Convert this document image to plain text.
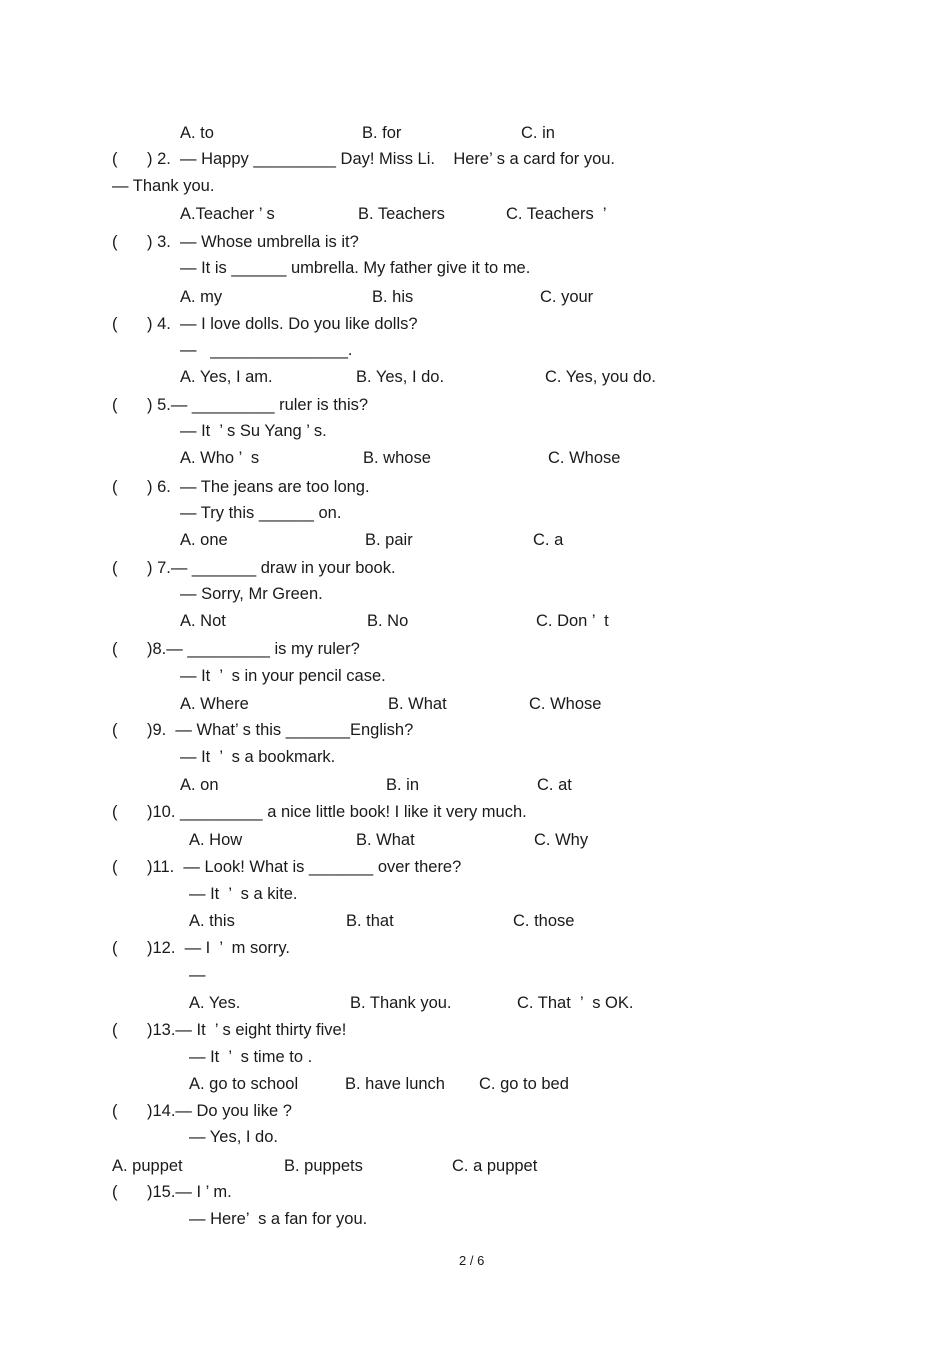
A. to	B. for	C. in
( ) 2.  — Happy _________ Day! Miss Li.    Here’ s a card for you.
— Thank you.
A.Teacher ’ s	B. Teachers	C. Teachers  ’
( ) 3.  — Whose umbrella is it?
— It is ______ umbrella. My father give it to me.
A. my	B. his	C. your
( ) 4.  — I love dolls. Do you like dolls?
—   _______________.
A. Yes, I am.	B. Yes, I do.	C. Yes, you do.
( ) 5.— _________ ruler is this?
— It  ’ s Su Yang ’ s.
A. Who ’  s	B. whose	C. Whose
( ) 6.  — The jeans are too long.
— Try this ______ on.
A. one	B. pair	C. a
( ) 7.— _______ draw in your book.
— Sorry, Mr Green.
A. Not	B. No	C. Don ’  t
( )8.— _________ is my ruler?
— It  ’  s in your pencil case.
A. Where	B. What	C. Whose
( )9.  — What’ s this _______English?
— It  ’  s a bookmark.
A. on	B. in	C. at
( )10. _________ a nice little book! I like it very much.
A. How	B. What	C. Why
( )11.  — Look! What is _______ over there?
— It  ’  s a kite.
A. this	B. that	C. those
( )12.  — I  ’  m sorry.
—
A. Yes.	B. Thank you.	C. That  ’  s OK.
( )13.— It  ’ s eight thirty five!
— It  ’  s time to .
A. go to school	B. have lunch C. go to bed
( )14.— Do you like ?
— Yes, I do.
A. puppet	B. puppets	C. a puppet
( )15.— I ’ m.
— Here’  s a fan for you.
2 / 6
